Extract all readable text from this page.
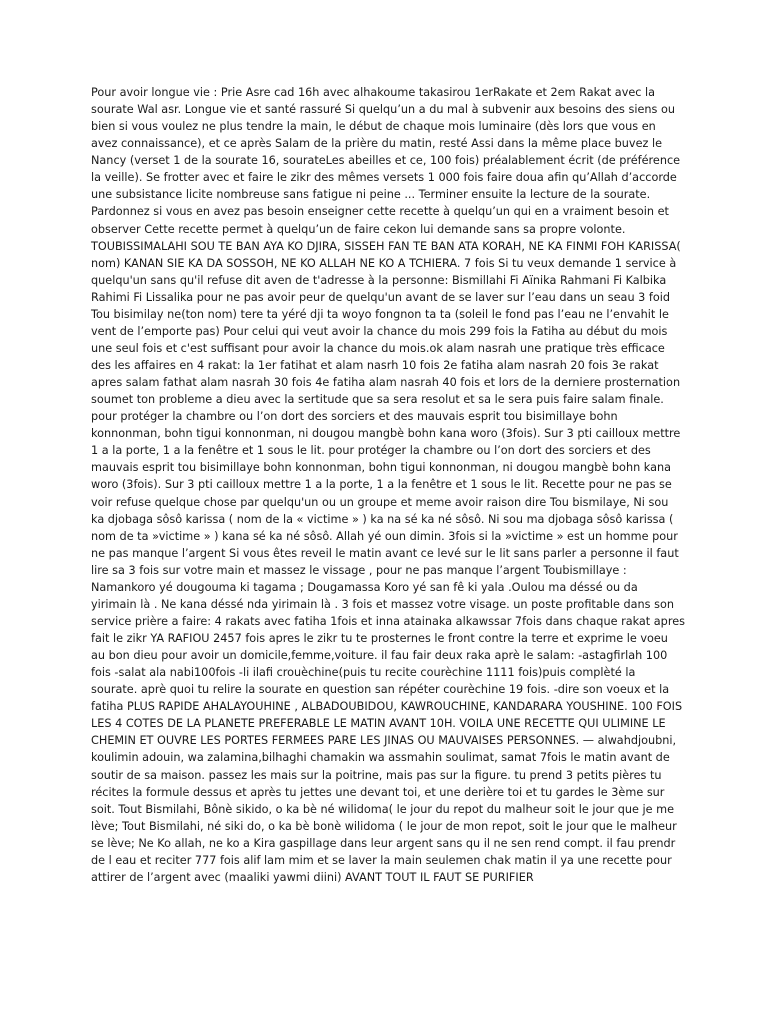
Pour avoir longue vie : Prie Asre cad 16h avec alhakoume takasirou 1erRakate et 2em Rakat avec la sourate Wal asr. Longue vie et santé rassuré Si quelqu’un a du mal à subvenir aux besoins des siens ou bien si vous voulez ne plus tendre la main, le début de chaque mois luminaire (dès lors que vous en avez connaissance), et ce après Salam de la prière du matin, resté Assi dans la même place buvez le Nancy (verset 1 de la sourate 16, sourateLes abeilles et ce, 100 fois) préalablement écrit (de préférence la veille). Se frotter avec et faire le zikr des mêmes versets 1 000 fois faire doua afin qu’Allah d’accorde une subsistance licite nombreuse sans fatigue ni peine ... Terminer ensuite la lecture de la sourate. Pardonnez si vous en avez pas besoin enseigner cette recette à quelqu’un qui en a vraiment besoin et observer Cette recette permet à quelqu’un de faire cekon lui demande sans sa propre volonte. TOUBISSIMALAHI SOU TE BAN AYA KO DJIRA, SISSEH FAN TE BAN ATA KORAH, NE KA FINMI FOH KARISSA( nom) KANAN SIE KA DA SOSSOH, NE KO ALLAH NE KO A TCHIERA. 7 fois Si tu veux demande 1 service à quelqu'un sans qu'il refuse dit aven de t'adresse à la personne: Bismillahi Fi Aïnika Rahmani Fi Kalbika Rahimi Fi Lissalika pour ne pas avoir peur de quelqu'un avant de se laver sur l’eau dans un seau 3 foid Tou bisimilay ne(ton nom) tere ta yéré dji ta woyo fongnon ta ta (soleil le fond pas l’eau ne l’envahit le vent de l’emporte pas) Pour celui qui veut avoir la chance du mois 299 fois la Fatiha au début du mois une seul fois et c'est suffisant pour avoir la chance du mois.ok alam nasrah une pratique très efficace des les affaires en 4 rakat: la 1er fatihat et alam nasrh 10 fois 2e fatiha alam nasrah 20 fois 3e rakat apres salam fathat alam nasrah 30 fois 4e fatiha alam nasrah 40 fois et lors de la derniere prosternation soumet ton probleme a dieu avec la sertitude que sa sera resolut et sa le sera puis faire salam finale. pour protéger la chambre ou l’on dort des sorciers et des mauvais esprit tou bisimillaye bohn konnonman, bohn tigui konnonman, ni dougou mangbè bohn kana woro (3fois). Sur 3 pti cailloux mettre 1 a la porte, 1 a la fenêtre et 1 sous le lit. pour protéger la chambre ou l’on dort des sorciers et des mauvais esprit tou bisimillaye bohn konnonman, bohn tigui konnonman, ni dougou mangbè bohn kana woro (3fois). Sur 3 pti cailloux mettre 1 a la porte, 1 a la fenêtre et 1 sous le lit. Recette pour ne pas se voir refuse quelque chose par quelqu'un ou un groupe et meme avoir raison dire Tou bismilaye, Ni sou ka djobaga sôsô karissa ( nom de la « victime » ) ka na sé ka né sôsô. Ni sou ma djobaga sôsô karissa ( nom de ta »victime » ) kana sé ka né sôsô. Allah yé oun dimin. 3fois si la »victime » est un homme pour ne pas manque l’argent Si vous êtes reveil le matin avant ce levé sur le lit sans parler a personne il faut lire sa 3 fois sur votre main et massez le vissage , pour ne pas manque l’argent Toubismillaye : Namankoro yé dougouma ki tagama ; Dougamassa Koro yé san fê ki yala .Oulou ma déssé ou da yirimain là . Ne kana déssé nda yirimain là . 3 fois et massez votre visage. un poste profitable dans son service prière a faire: 4 rakats avec fatiha 1fois et inna atainaka alkawssar 7fois dans chaque rakat apres fait le zikr YA RAFIOU 2457 fois apres le zikr tu te prosternes le front contre la terre et exprime le voeu au bon dieu pour avoir un domicile,femme,voiture. il fau fair deux raka aprè le salam: -astagfirlah 100 fois -salat ala nabi100fois -li ilafi crouèchine(puis tu recite courèchine 1111 fois)puis complèté la sourate. aprè quoi tu relire la sourate en question san répéter courèchine 19 fois. -dire son voeux et la fatiha PLUS RAPIDE AHALAYOUHINE , ALBADOUBIDOU, KAWROUCHINE, KANDARARA YOUSHINE. 100 FOIS LES 4 COTES DE LA PLANETE PREFERABLE LE MATIN AVANT 10H. VOILA UNE RECETTE QUI ULIMINE LE CHEMIN ET OUVRE LES PORTES FERMEES PARE LES JINAS OU MAUVAISES PERSONNES. — alwahdjoubni, koulimin adouin, wa zalamina,bilhaghi chamakin wa assmahin soulimat, samat 7fois le matin avant de soutir de sa maison. passez les mais sur la poitrine, mais pas sur la figure. tu prend 3 petits pières tu récites la formule dessus et après tu jettes une devant toi, et une derière toi et tu gardes le 3ème sur soit. Tout Bismilahi, Bônè sikido, o ka bè né wilidoma( le jour du repot du malheur soit le jour que je me lève; Tout Bismilahi, né siki do, o ka bè bonè wilidoma ( le jour de mon repot, soit le jour que le malheur se lève; Ne Ko allah, ne ko a Kira gaspillage dans leur argent sans qu il ne sen rend compt. il fau prendr de l eau et reciter 777 fois alif lam mim et se laver la main seulemen chak matin il ya une recette pour attirer de l’argent avec (maaliki yawmi diini) AVANT TOUT IL FAUT SE PURIFIER
